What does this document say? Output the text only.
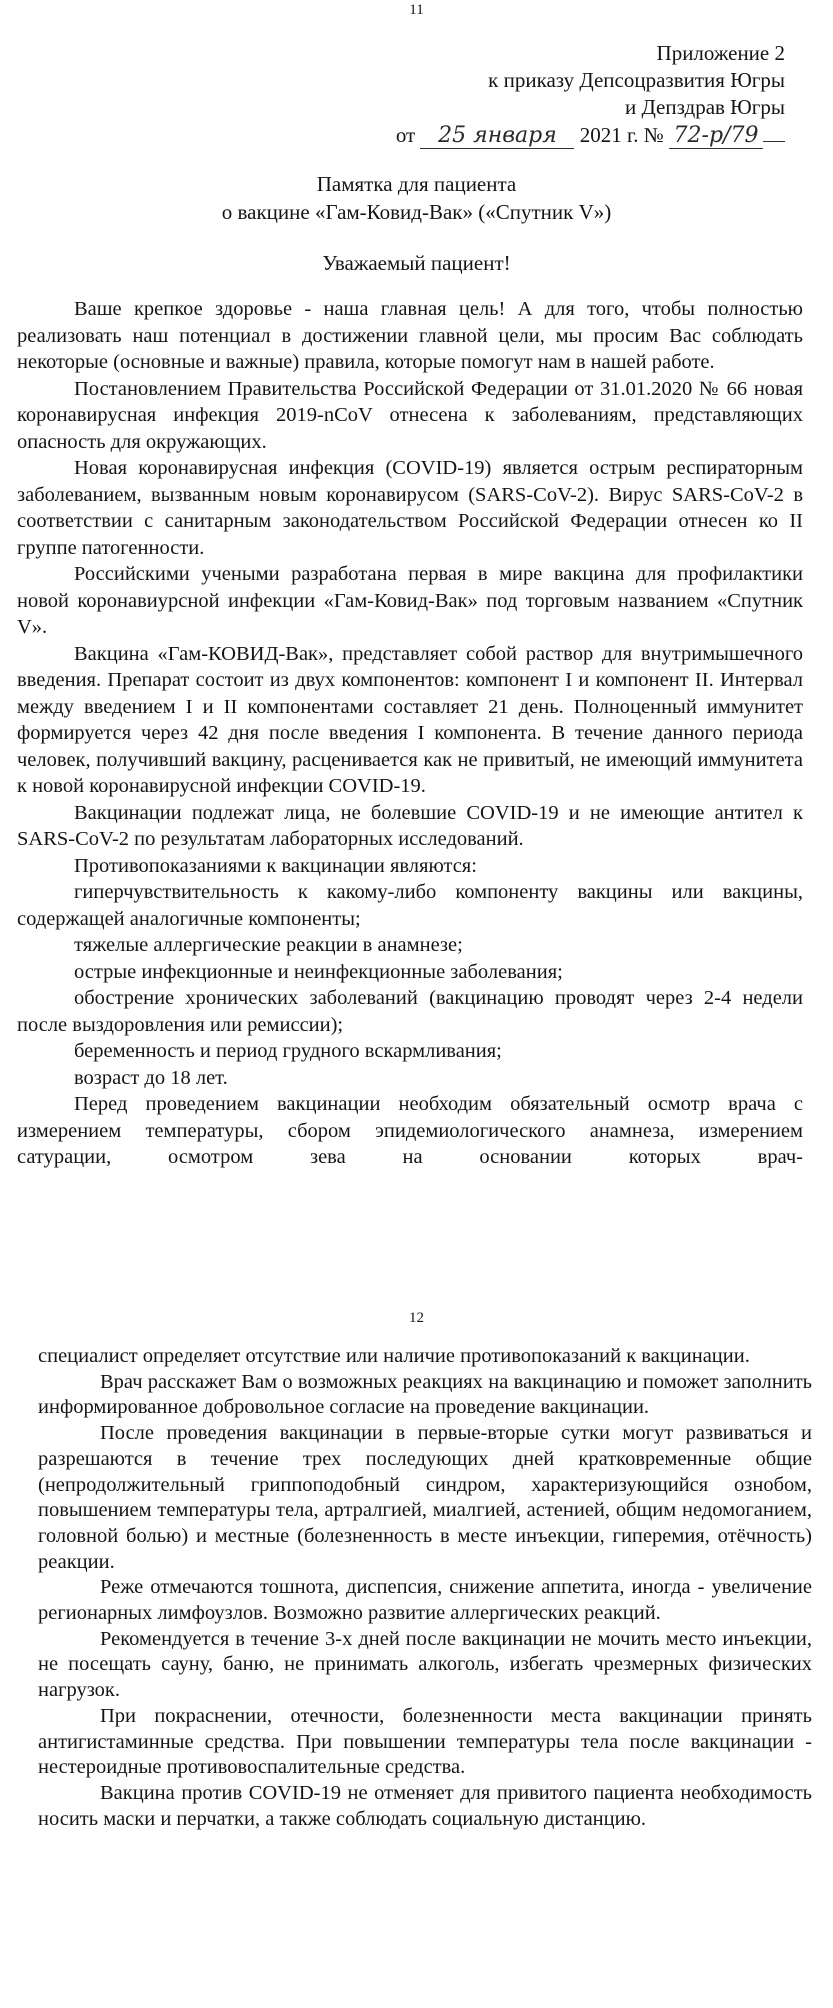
11
Приложение 2
к приказу Депсоцразвития Югры
и Депздрав Югры
от 25 января 2021 г. № 72-р/79
Памятка для пациента
о вакцине «Гам-Ковид-Вак» («Спутник V»)
Уважаемый пациент!

Ваше крепкое здоровье - наша главная цель! А для того, чтобы полностью реализовать наш потенциал в достижении главной цели, мы просим Вас соблюдать некоторые (основные и важные) правила, которые помогут нам в нашей работе.

Постановлением Правительства Российской Федерации от 31.01.2020 № 66 новая коронавирусная инфекция 2019-nCoV отнесена к заболеваниям, представляющих опасность для окружающих.

Новая коронавирусная инфекция (COVID-19) является острым респираторным заболеванием, вызванным новым коронавирусом (SARS-CoV-2). Вирус SARS-CoV-2 в соответствии с санитарным законодательством Российской Федерации отнесен ко II группе патогенности.

Российскими учеными разработана первая в мире вакцина для профилактики новой коронавиурсной инфекции «Гам-Ковид-Вак» под торговым названием «Спутник V».

Вакцина «Гам-КОВИД-Вак», представляет собой раствор для внутримышечного введения. Препарат состоит из двух компонентов: компонент I и компонент II. Интервал между введением I и II компонентами составляет 21 день. Полноценный иммунитет формируется через 42 дня после введения I компонента. В течение данного периода человек, получивший вакцину, расценивается как не привитый, не имеющий иммунитета к новой коронавирусной инфекции COVID-19.

Вакцинации подлежат лица, не болевшие COVID-19 и не имеющие антител к SARS-CoV-2 по результатам лабораторных исследований.

Противопоказаниями к вакцинации являются:

гиперчувствительность к какому-либо компоненту вакцины или вакцины, содержащей аналогичные компоненты;

тяжелые аллергические реакции в анамнезе;

острые инфекционные и неинфекционные заболевания;

обострение хронических заболеваний (вакцинацию проводят через 2-4 недели после выздоровления или ремиссии);

беременность и период грудного вскармливания;

возраст до 18 лет.

Перед проведением вакцинации необходим обязательный осмотр врача с измерением температуры, сбором эпидемиологического анамнеза, измерением сатурации, осмотром зева на основании которых врач-

12

специалист определяет отсутствие или наличие противопоказаний к вакцинации.

Врач расскажет Вам о возможных реакциях на вакцинацию и поможет заполнить информированное добровольное согласие на проведение вакцинации.

После проведения вакцинации в первые-вторые сутки могут развиваться и разрешаются в течение трех последующих дней кратковременные общие (непродолжительный гриппоподобный синдром, характеризующийся ознобом, повышением температуры тела, артралгией, миалгией, астенией, общим недомоганием, головной болью) и местные (болезненность в месте инъекции, гиперемия, отёчность) реакции.

Реже отмечаются тошнота, диспепсия, снижение аппетита, иногда - увеличение регионарных лимфоузлов. Возможно развитие аллергических реакций.

Рекомендуется в течение 3-х дней после вакцинации не мочить место инъекции, не посещать сауну, баню, не принимать алкоголь, избегать чрезмерных физических нагрузок.

При покраснении, отечности, болезненности места вакцинации принять антигистаминные средства. При повышении температуры тела после вакцинации - нестероидные противовоспалительные средства.

Вакцина против COVID-19 не отменяет для привитого пациента необходимость носить маски и перчатки, а также соблюдать социальную дистанцию.
